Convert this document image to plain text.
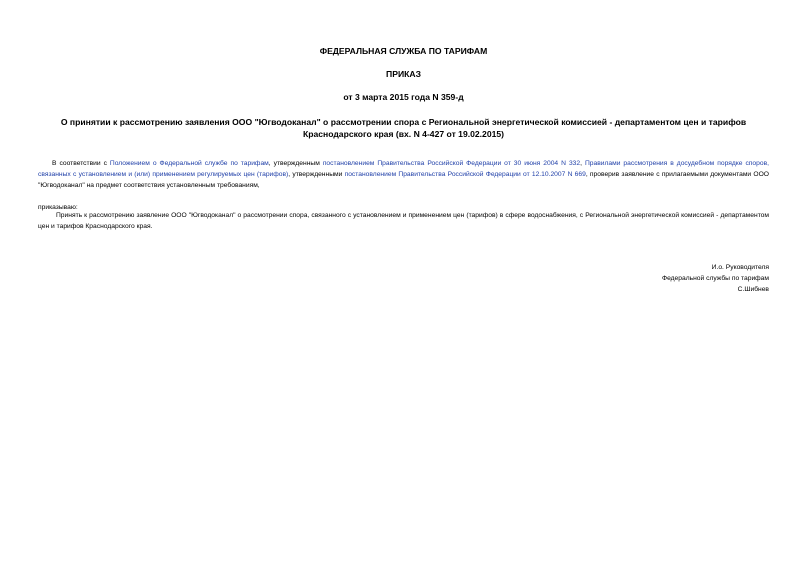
ФЕДЕРАЛЬНАЯ СЛУЖБА ПО ТАРИФАМ
ПРИКАЗ
от 3 марта 2015 года N 359-д
О принятии к рассмотрению заявления ООО "Югводоканал" о рассмотрении спора с Региональной энергетической комиссией - департаментом цен и тарифов Краснодарского края (вх. N 4-427 от 19.02.2015)
В соответствии с Положением о Федеральной службе по тарифам, утвержденным постановлением Правительства Российской Федерации от 30 июня 2004 N 332, Правилами рассмотрения в досудебном порядке споров, связанных с установлением и (или) применением регулируемых цен (тарифов), утвержденными постановлением Правительства Российской Федерации от 12.10.2007 N 669, проверив заявление с прилагаемыми документами ООО "Югводоканал" на предмет соответствия установленным требованиям,
приказываю:
Принять к рассмотрению заявление ООО "Югводоканал" о рассмотрении спора, связанного с установлением и применением цен (тарифов) в сфере водоснабжения, с Региональной энергетической комиссией - департаментом цен и тарифов Краснодарского края.
И.о. Руководителя
Федеральной службы по тарифам
С.Шибнев
